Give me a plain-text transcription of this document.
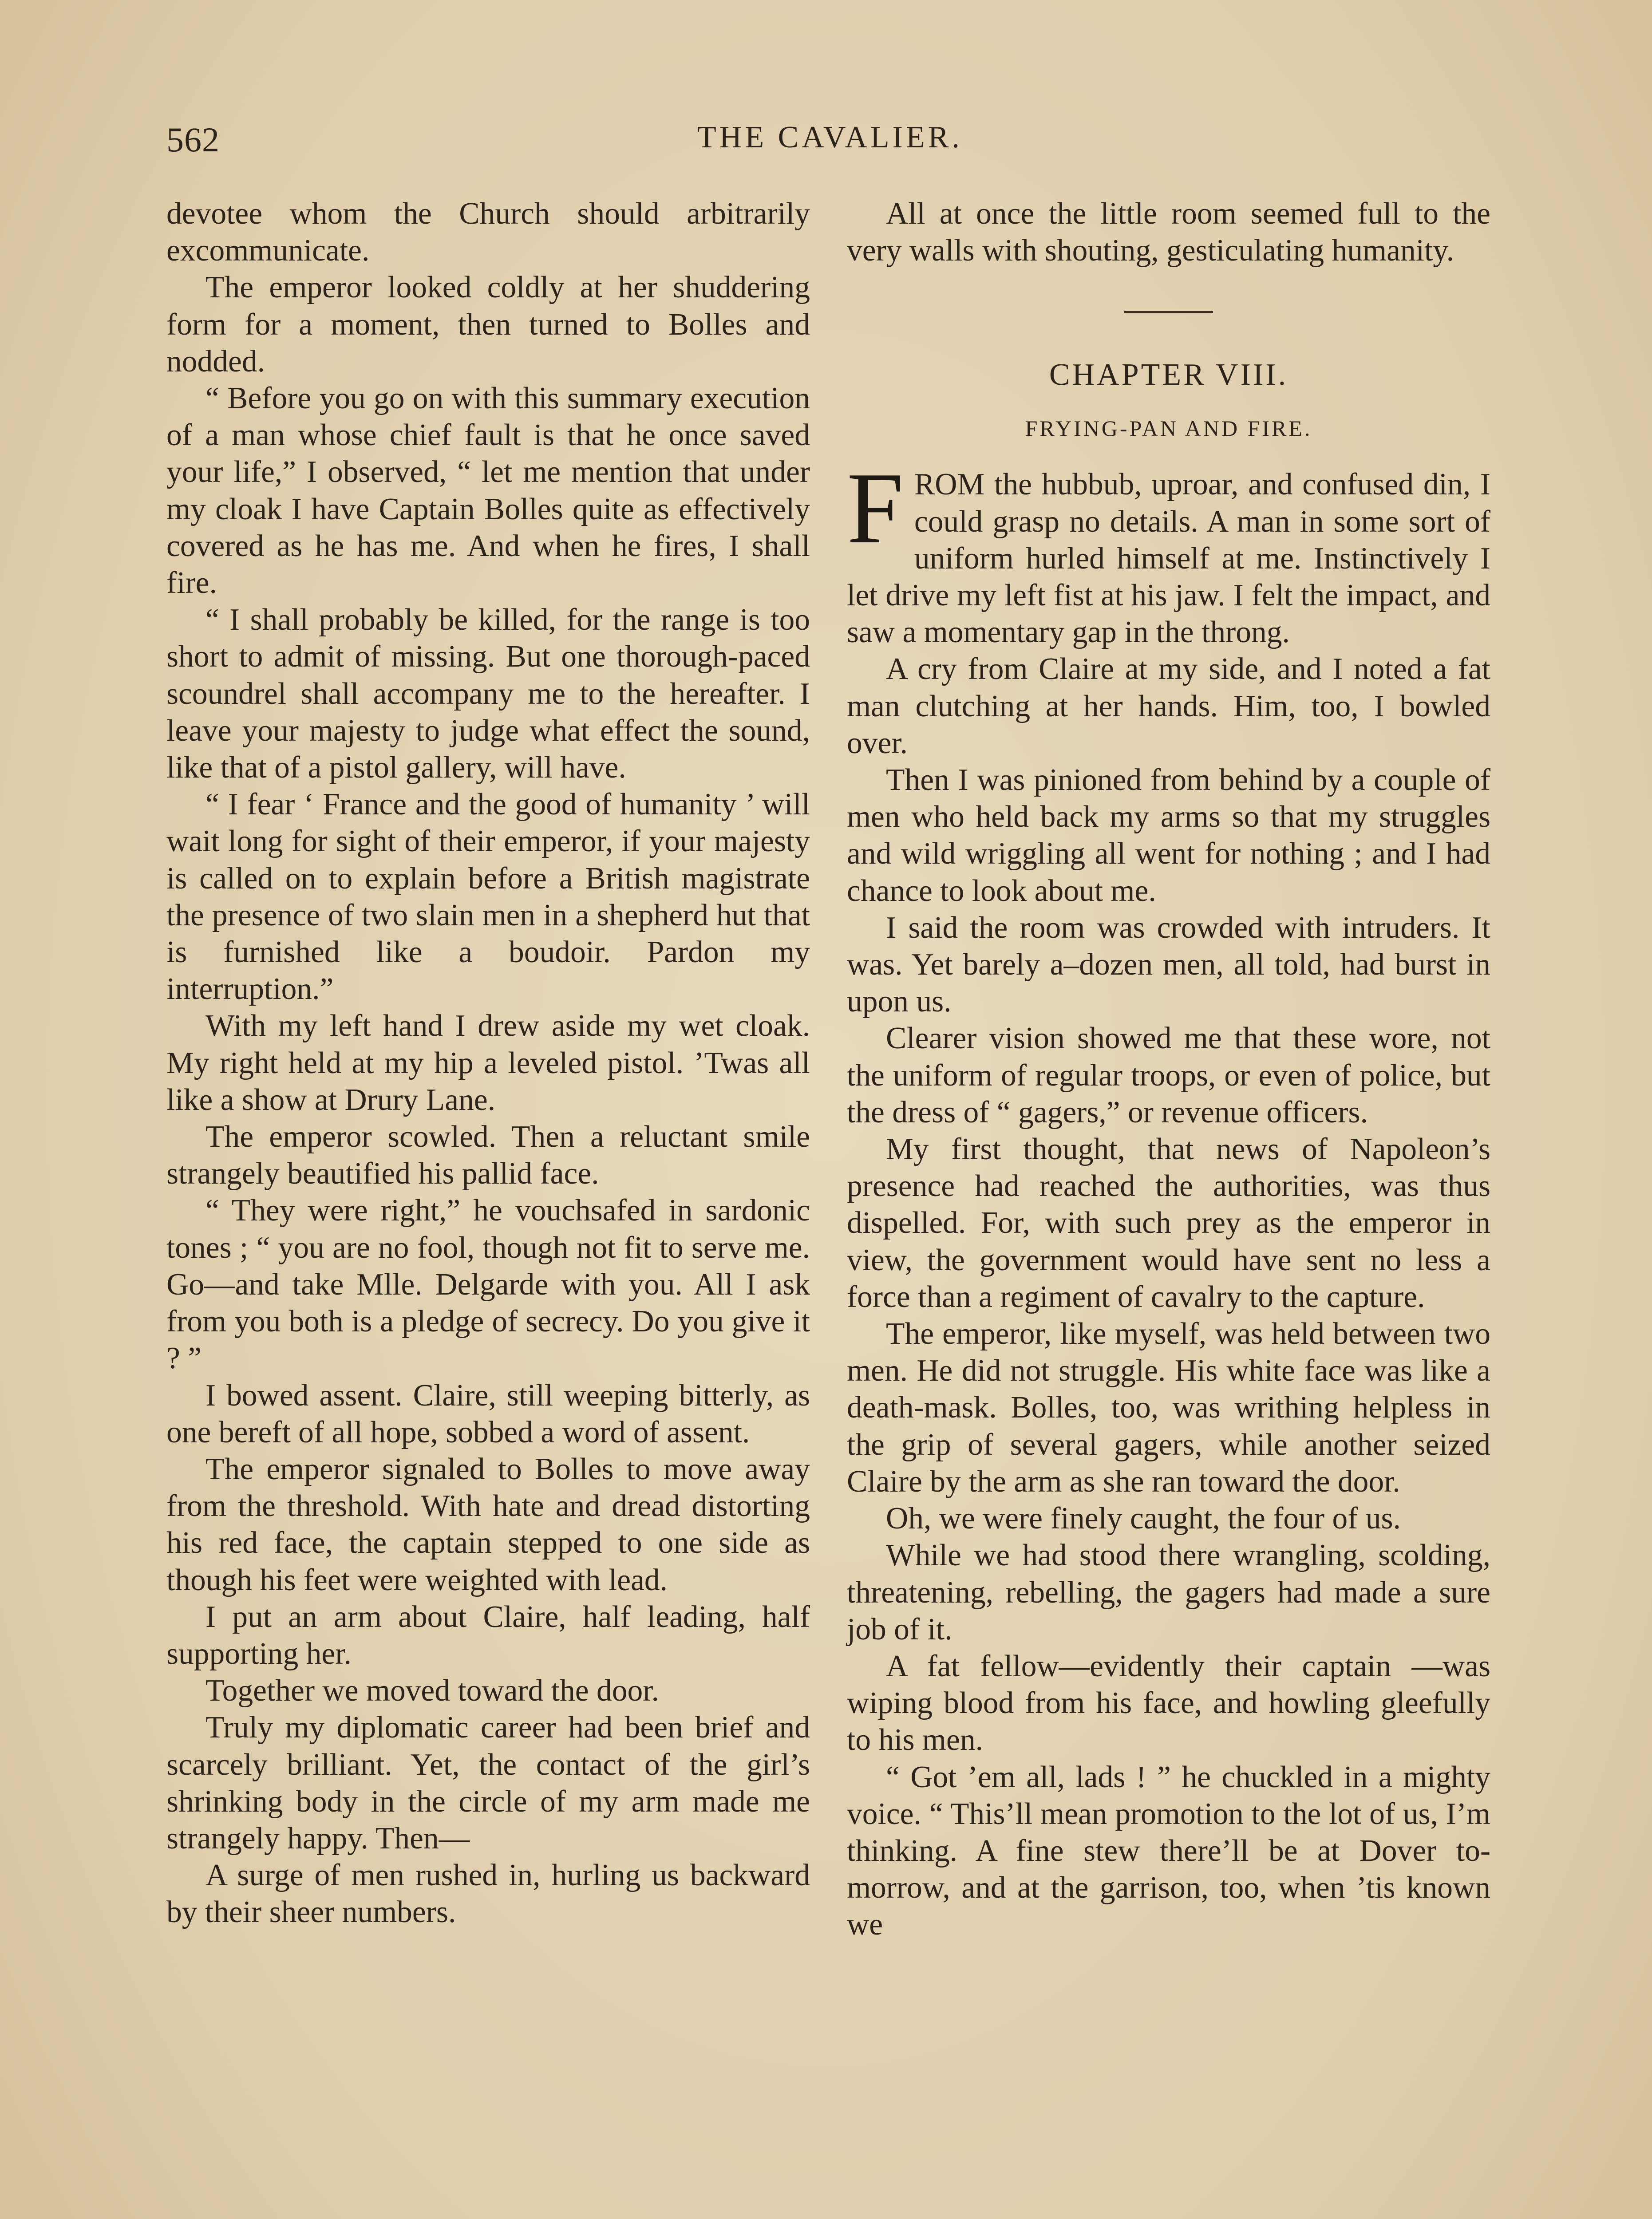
562	THE CAVALIER.

devotee whom the Church should arbitrarily excommunicate.

The emperor looked coldly at her shuddering form for a moment, then turned to Bolles and nodded.

“ Before you go on with this summary execution of a man whose chief fault is that he once saved your life,” I observed, “ let me mention that under my cloak I have Captain Bolles quite as effectively covered as he has me. And when he fires, I shall fire.

“ I shall probably be killed, for the range is too short to admit of missing. But one thorough-paced scoundrel shall accompany me to the hereafter. I leave your majesty to judge what effect the sound, like that of a pistol gallery, will have.

“ I fear ‘ France and the good of humanity ’ will wait long for sight of their emperor, if your majesty is called on to explain before a British magistrate the presence of two slain men in a shepherd hut that is furnished like a boudoir. Pardon my interruption.”

With my left hand I drew aside my wet cloak. My right held at my hip a leveled pistol. ’Twas all like a show at Drury Lane.

The emperor scowled. Then a reluctant smile strangely beautified his pallid face.

“ They were right,” he vouchsafed in sardonic tones ; “ you are no fool, though not fit to serve me. Go—and take Mlle. Delgarde with you. All I ask from you both is a pledge of secrecy. Do you give it ? ”

I bowed assent. Claire, still weeping bitterly, as one bereft of all hope, sobbed a word of assent.

The emperor signaled to Bolles to move away from the threshold. With hate and dread distorting his red face, the captain stepped to one side as though his feet were weighted with lead.

I put an arm about Claire, half leading, half supporting her.

Together we moved toward the door.

Truly my diplomatic career had been brief and scarcely brilliant. Yet, the contact of the girl’s shrinking body in the circle of my arm made me strangely happy. Then—

A surge of men rushed in, hurling us backward by their sheer numbers.

All at once the little room seemed full to the very walls with shouting, gesticulating humanity.

CHAPTER VIII.
FRYING-PAN AND FIRE.

FROM the hubbub, uproar, and confused din, I could grasp no details. A man in some sort of uniform hurled himself at me. Instinctively I let drive my left fist at his jaw. I felt the impact, and saw a momentary gap in the throng.

A cry from Claire at my side, and I noted a fat man clutching at her hands. Him, too, I bowled over.

Then I was pinioned from behind by a couple of men who held back my arms so that my struggles and wild wriggling all went for nothing ; and I had chance to look about me.

I said the room was crowded with intruders. It was. Yet barely a–dozen men, all told, had burst in upon us.

Clearer vision showed me that these wore, not the uniform of regular troops, or even of police, but the dress of “ gagers,” or revenue officers.

My first thought, that news of Napoleon’s presence had reached the authorities, was thus dispelled. For, with such prey as the emperor in view, the government would have sent no less a force than a regiment of cavalry to the capture.

The emperor, like myself, was held between two men. He did not struggle. His white face was like a death-mask. Bolles, too, was writhing helpless in the grip of several gagers, while another seized Claire by the arm as she ran toward the door.

Oh, we were finely caught, the four of us.

While we had stood there wrangling, scolding, threatening, rebelling, the gagers had made a sure job of it.

A fat fellow—evidently their captain —was wiping blood from his face, and howling gleefully to his men.

“ Got ’em all, lads ! ” he chuckled in a mighty voice. “ This’ll mean promotion to the lot of us, I’m thinking. A fine stew there’ll be at Dover to-morrow, and at the garrison, too, when ’tis known we
